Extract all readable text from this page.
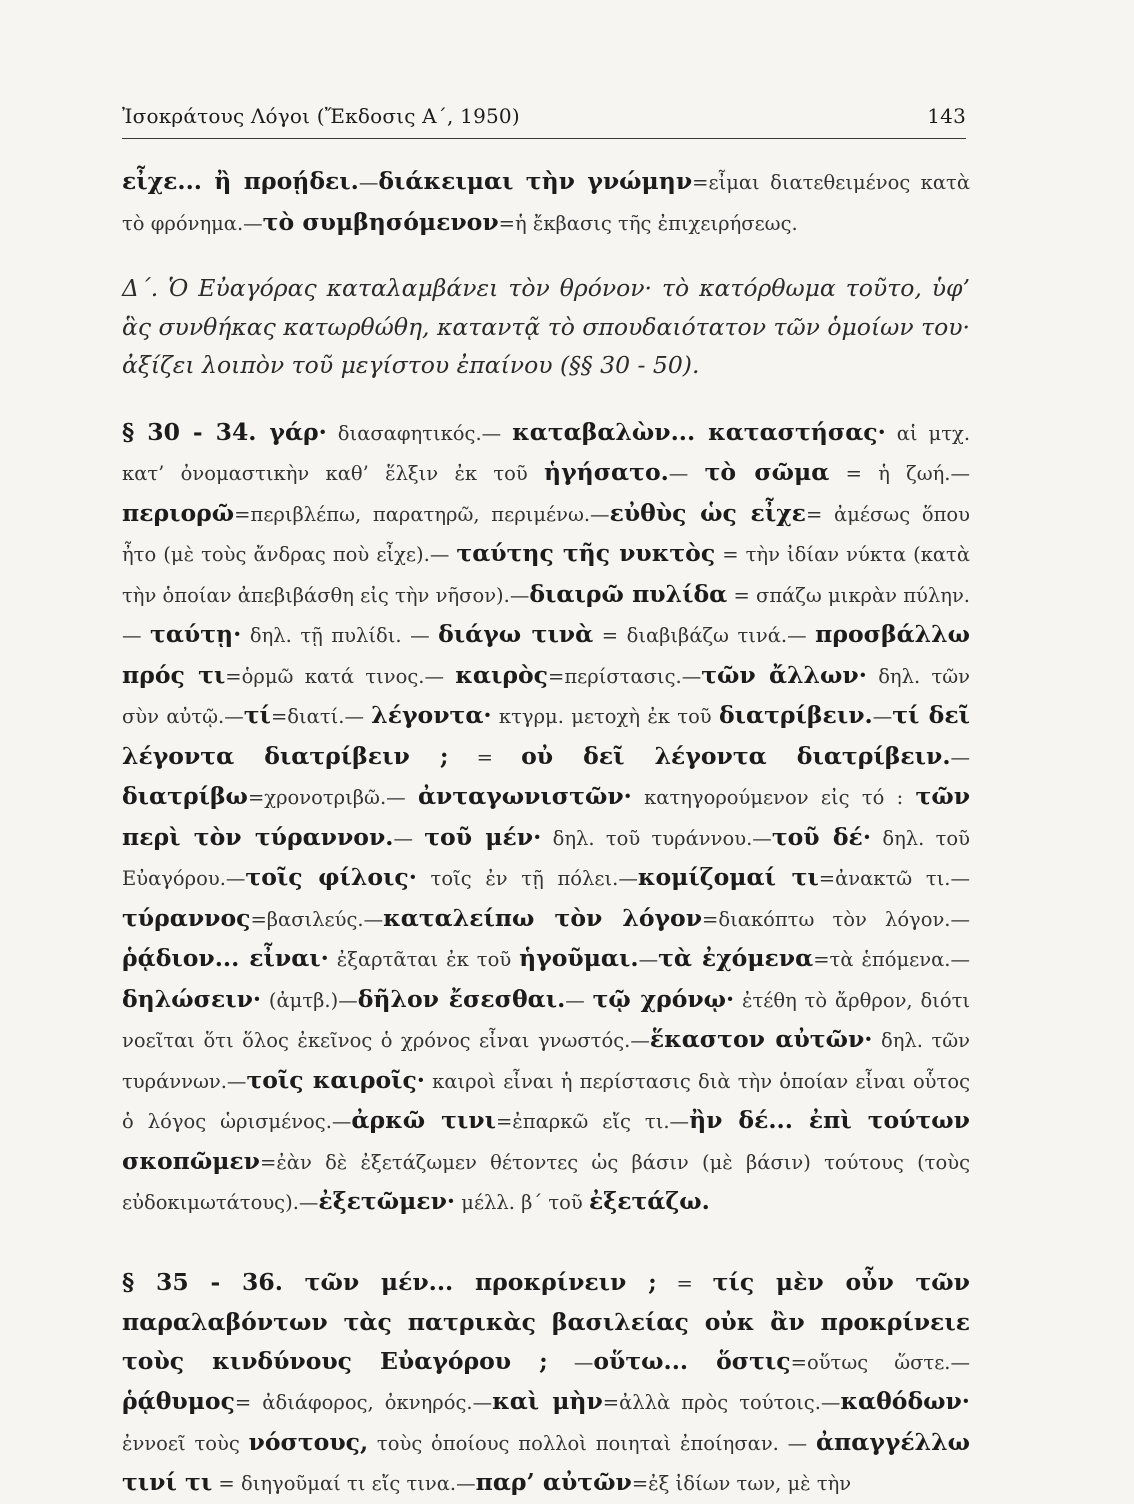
Ἰσοκράτους Λόγοι (Ἔκδοσις Α΄, 1950)	143

εἶχε... ἢ προῄδει.—διάκειμαι τὴν γνώμην=εἶμαι διατεθειμένος κατὰ τὸ φρόνημα.—τὸ συμβησόμενον=ἡ ἔκβασις τῆς ἐπιχειρήσεως.

Δ΄. Ὁ Εὐαγόρας καταλαμβάνει τὸν θρόνον· τὸ κατόρθωμα τοῦτο, ὑφ’ ἃς συνθήκας κατωρθώθη, καταντᾷ τὸ σπουδαιότατον τῶν ὁμοίων του· ἀξίζει λοιπὸν τοῦ μεγίστου ἐπαίνου (§§ 30 - 50).

§ 30 - 34. γάρ· διασαφητικός.— καταβαλὼν... καταστήσας· αἱ μτχ. κατ’ ὀνομαστικὴν καθ’ ἕλξιν ἐκ τοῦ ἡγήσατο.— τὸ σῶμα = ἡ ζωή.—περιορῶ=περιβλέπω, παρατηρῶ, περιμένω.—εὐθὺς ὡς εἶχε= ἀμέσως ὅπου ἦτο (μὲ τοὺς ἄνδρας ποὺ εἶχε).— ταύτης τῆς νυκτὸς = τὴν ἰδίαν νύκτα (κατὰ τὴν ὁποίαν ἀπεβιβάσθη εἰς τὴν νῆσον).—διαιρῶ πυλίδα = σπάζω μικρὰν πύλην. — ταύτῃ· δηλ. τῇ πυλίδι. — διάγω τινὰ = διαβιβάζω τινά.— προσβάλλω πρός τι=ὁρμῶ κατά τινος.— καιρὸς=περίστασις.—τῶν ἄλλων· δηλ. τῶν σὺν αὐτῷ.—τί=διατί.— λέγοντα· κτγρμ. μετοχὴ ἐκ τοῦ διατρίβειν.—τί δεῖ λέγοντα διατρίβειν ; = οὐ δεῖ λέγοντα διατρίβειν.—διατρίβω=χρονοτριβῶ.— ἀνταγωνιστῶν· κατηγορούμενον εἰς τό : τῶν περὶ τὸν τύραννον.— τοῦ μέν· δηλ. τοῦ τυράννου.—τοῦ δέ· δηλ. τοῦ Εὐαγόρου.—τοῖς φίλοις· τοῖς ἐν τῇ πόλει.—κομίζομαί τι=ἀνακτῶ τι.—τύραννος=βασιλεύς.—καταλείπω τὸν λόγον=διακόπτω τὸν λόγον.—ῥᾴδιον... εἶναι· ἐξαρτᾶται ἐκ τοῦ ἡγοῦμαι.—τὰ ἐχόμενα=τὰ ἑπόμενα.—δηλώσειν· (ἀμτβ.)—δῆλον ἔσεσθαι.— τῷ χρόνῳ· ἐτέθη τὸ ἄρθρον, διότι νοεῖται ὅτι ὅλος ἐκεῖνος ὁ χρόνος εἶναι γνωστός.—ἕκαστον αὐτῶν· δηλ. τῶν τυράννων.—τοῖς καιροῖς· καιροὶ εἶναι ἡ περίστασις διὰ τὴν ὁποίαν εἶναι οὗτος ὁ λόγος ὡρισμένος.—ἀρκῶ τινι=ἐπαρκῶ εἴς τι.—ἢν δέ... ἐπὶ τούτων σκοπῶμεν=ἐὰν δὲ ἐξετάζωμεν θέτοντες ὡς βάσιν (μὲ βάσιν) τούτους (τοὺς εὐδοκιμωτάτους).—ἐξετῶμεν· μέλλ. β΄ τοῦ ἐξετάζω.

§ 35 - 36. τῶν μέν... προκρίνειν ; = τίς μὲν οὖν τῶν παραλαβόντων τὰς πατρικὰς βασιλείας οὐκ ἂν προκρίνειε τοὺς κινδύνους Εὐαγόρου ; —οὕτω... ὅστις=οὕτως ὥστε.—ῥᾴθυμος= ἀδιάφορος, ὀκνηρός.—καὶ μὴν=ἀλλὰ πρὸς τούτοις.—καθόδων· ἐννοεῖ τοὺς νόστους, τοὺς ὁποίους πολλοὶ ποιηταὶ ἐποίησαν. — ἀπαγγέλλω τινί τι = διηγοῦμαί τι εἴς τινα.—παρ’ αὐτῶν=ἐξ ἰδίων των, μὲ τὴν
